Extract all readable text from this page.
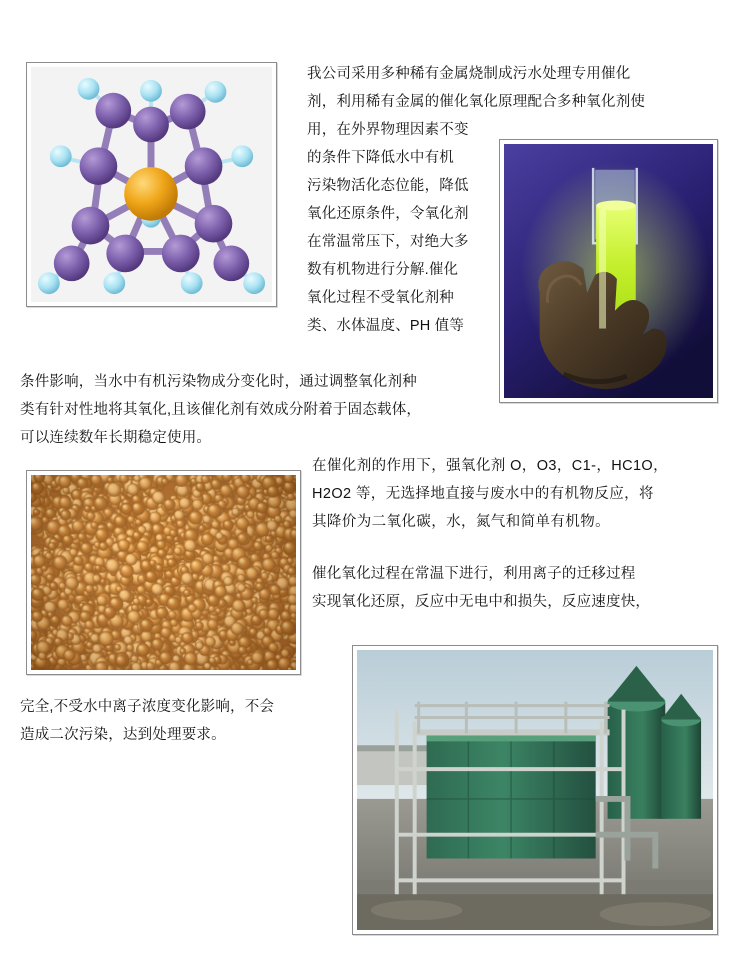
我公司采用多种稀有金属烧制成污水处理专用催化
剂，利用稀有金属的催化氧化原理配合多种氧化剂使
用，在外界物理因素不变
的条件下降低水中有机
污染物活化态位能，降低
氧化还原条件，令氧化剂
在常温常压下，对绝大多
数有机物进行分解.催化
氧化过程不受氧化剂种
类、水体温度、PH 值等
条件影响，当水中有机污染物成分变化时，通过调整氧化剂种
类有针对性地将其氧化,且该催化剂有效成分附着于固态载体，
可以连续数年长期稳定使用。
在催化剂的作用下，强氧化剂 O，O3，C1-，HC1O，
H2O2 等，无选择地直接与废水中的有机物反应，将
其降价为二氧化碳，水，氮气和简单有机物。
催化氧化过程在常温下进行，利用离子的迁移过程
实现氧化还原，反应中无电中和损失，反应速度快，
完全,不受水中离子浓度变化影响，不会
造成二次污染，达到处理要求。
